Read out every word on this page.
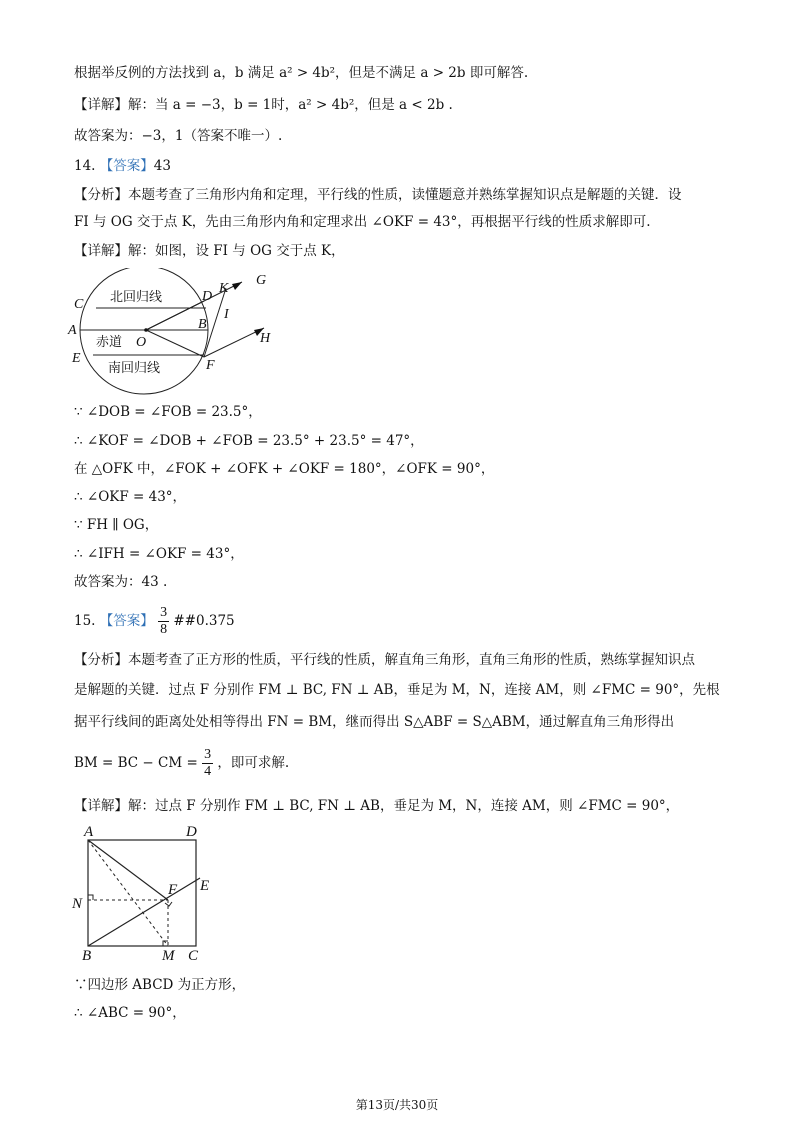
根据举反例的方法找到 a，b 满足 a² > 4b²，但是不满足 a > 2b 即可解答.
【详解】解：当 a = −3，b = 1时，a² > 4b²，但是 a < 2b .
故答案为：−3，1（答案不唯一）.
14. 【答案】43
【分析】本题考查了三角形内角和定理，平行线的性质，读懂题意并熟练掌握知识点是解题的关键．设
FI 与 OG 交于点 K，先由三角形内角和定理求出 ∠OKF = 43°，再根据平行线的性质求解即可.
【详解】解：如图，设 FI 与 OG 交于点 K，
C
A
E
D
B
O
F
K
G
I
H
北回归线
赤道
南回归线
∵ ∠DOB = ∠FOB = 23.5°，
∴ ∠KOF = ∠DOB + ∠FOB = 23.5° + 23.5° = 47°，
在 △OFK 中，∠FOK + ∠OFK + ∠OKF = 180°，∠OFK = 90°，
∴ ∠OKF = 43°，
∵ FH ∥ OG，
∴ ∠IFH = ∠OKF = 43°，
故答案为：43 .
15. 【答案】 $\frac{3}{8}$ ##0.375
【分析】本题考查了正方形的性质，平行线的性质，解直角三角形，直角三角形的性质，熟练掌握知识点
是解题的关键．过点 F 分别作 FM ⊥ BC, FN ⊥ AB，垂足为 M，N，连接 AM，则 ∠FMC = 90°，先根
据平行线间的距离处处相等得出 FN = BM，继而得出 S△ABF = S△ABM，通过解直角三角形得出
BM = BC − CM = $\frac{3}{4}$ ，即可求解.
【详解】解：过点 F 分别作 FM ⊥ BC, FN ⊥ AB，垂足为 M，N，连接 AM，则 ∠FMC = 90°，
A	D
N
F E
B	M C
∵四边形 ABCD 为正方形，
∴ ∠ABC = 90°，
第13页/共30页
